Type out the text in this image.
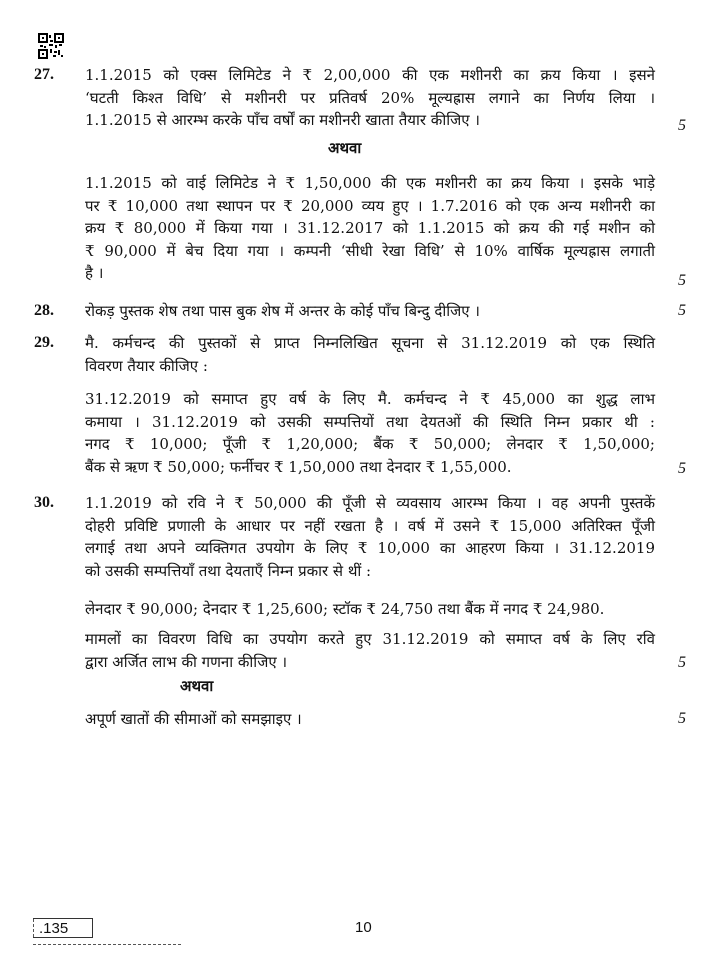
27. 1.1.2015 को एक्स लिमिटेड ने ₹ 2,00,000 की एक मशीनरी का क्रय किया । इसने
‘घटती किश्त विधि’ से मशीनरी पर प्रतिवर्ष 20% मूल्यह्रास लगाने का निर्णय लिया ।
1.1.2015 से आरम्भ करके पाँच वर्षों का मशीनरी खाता तैयार कीजिए ।	5
अथवा
1.1.2015 को वाई लिमिटेड ने ₹ 1,50,000 की एक मशीनरी का क्रय किया । इसके भाड़े
पर ₹ 10,000 तथा स्थापन पर ₹ 20,000 व्यय हुए । 1.7.2016 को एक अन्य मशीनरी का
क्रय ₹ 80,000 में किया गया । 31.12.2017 को 1.1.2015 को क्रय की गई मशीन को
₹ 90,000 में बेच दिया गया । कम्पनी ‘सीधी रेखा विधि’ से 10% वार्षिक मूल्यह्रास लगाती
है ।	5
28. रोकड़ पुस्तक शेष तथा पास बुक शेष में अन्तर के कोई पाँच बिन्दु दीजिए ।	5
29. मै. कर्मचन्द की पुस्तकों से प्राप्त निम्नलिखित सूचना से 31.12.2019 को एक स्थिति
विवरण तैयार कीजिए :
31.12.2019 को समाप्त हुए वर्ष के लिए मै. कर्मचन्द ने ₹ 45,000 का शुद्ध लाभ
कमाया । 31.12.2019 को उसकी सम्पत्तियों तथा देयतओं की स्थिति निम्न प्रकार थी :
नगद ₹ 10,000; पूँजी ₹ 1,20,000; बैंक ₹ 50,000; लेनदार ₹ 1,50,000;
बैंक से ऋण ₹ 50,000; फर्नीचर ₹ 1,50,000 तथा देनदार ₹ 1,55,000.	5
30. 1.1.2019 को रवि ने ₹ 50,000 की पूँजी से व्यवसाय आरम्भ किया । वह अपनी पुस्तकें
दोहरी प्रविष्टि प्रणाली के आधार पर नहीं रखता है । वर्ष में उसने ₹ 15,000 अतिरिक्त पूँजी
लगाई तथा अपने व्यक्तिगत उपयोग के लिए ₹ 10,000 का आहरण किया । 31.12.2019
को उसकी सम्पत्तियाँ तथा देयताएँ निम्न प्रकार से थीं :
लेनदार ₹ 90,000; देनदार ₹ 1,25,600; स्टॉक ₹ 24,750 तथा बैंक में नगद ₹ 24,980.
मामलों का विवरण विधि का उपयोग करते हुए 31.12.2019 को समाप्त वर्ष के लिए रवि
द्वारा अर्जित लाभ की गणना कीजिए ।	5
अथवा
अपूर्ण खातों की सीमाओं को समझाइए ।	5
.135	10
